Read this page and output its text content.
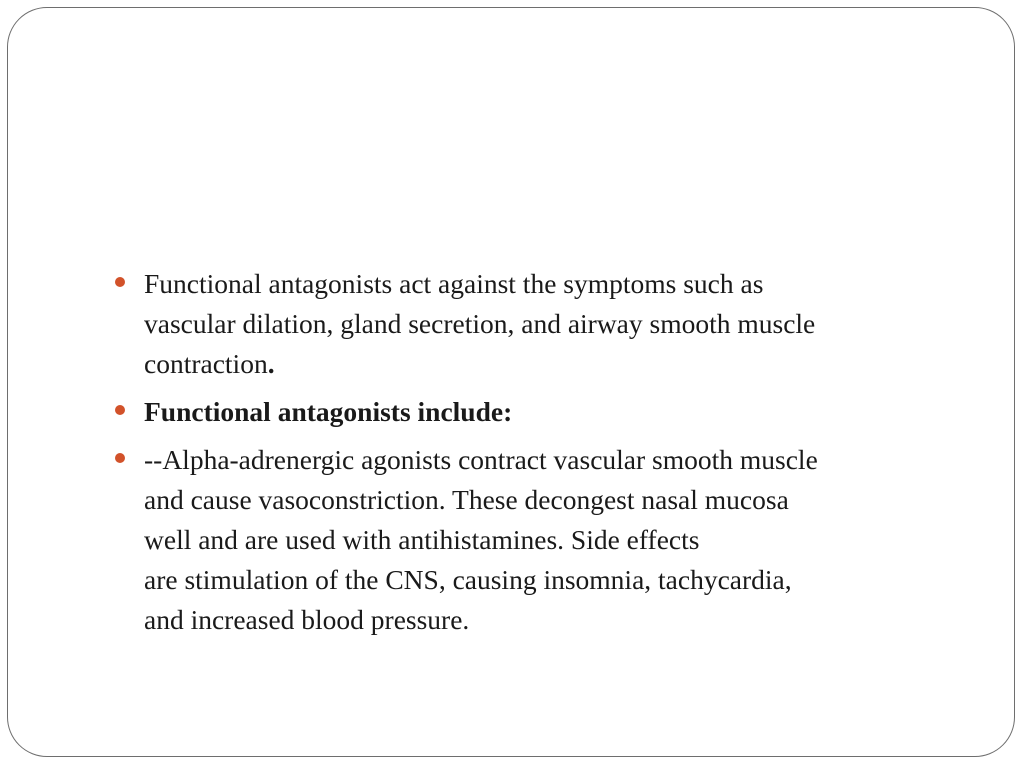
Functional antagonists act against the symptoms such as
vascular dilation, gland secretion, and airway smooth muscle
contraction.
Functional antagonists include:
--Alpha-adrenergic agonists contract vascular smooth muscle
and cause vasoconstriction. These decongest nasal mucosa
well and are used with antihistamines. Side effects
are stimulation of the CNS, causing insomnia, tachycardia,
and increased blood pressure.
